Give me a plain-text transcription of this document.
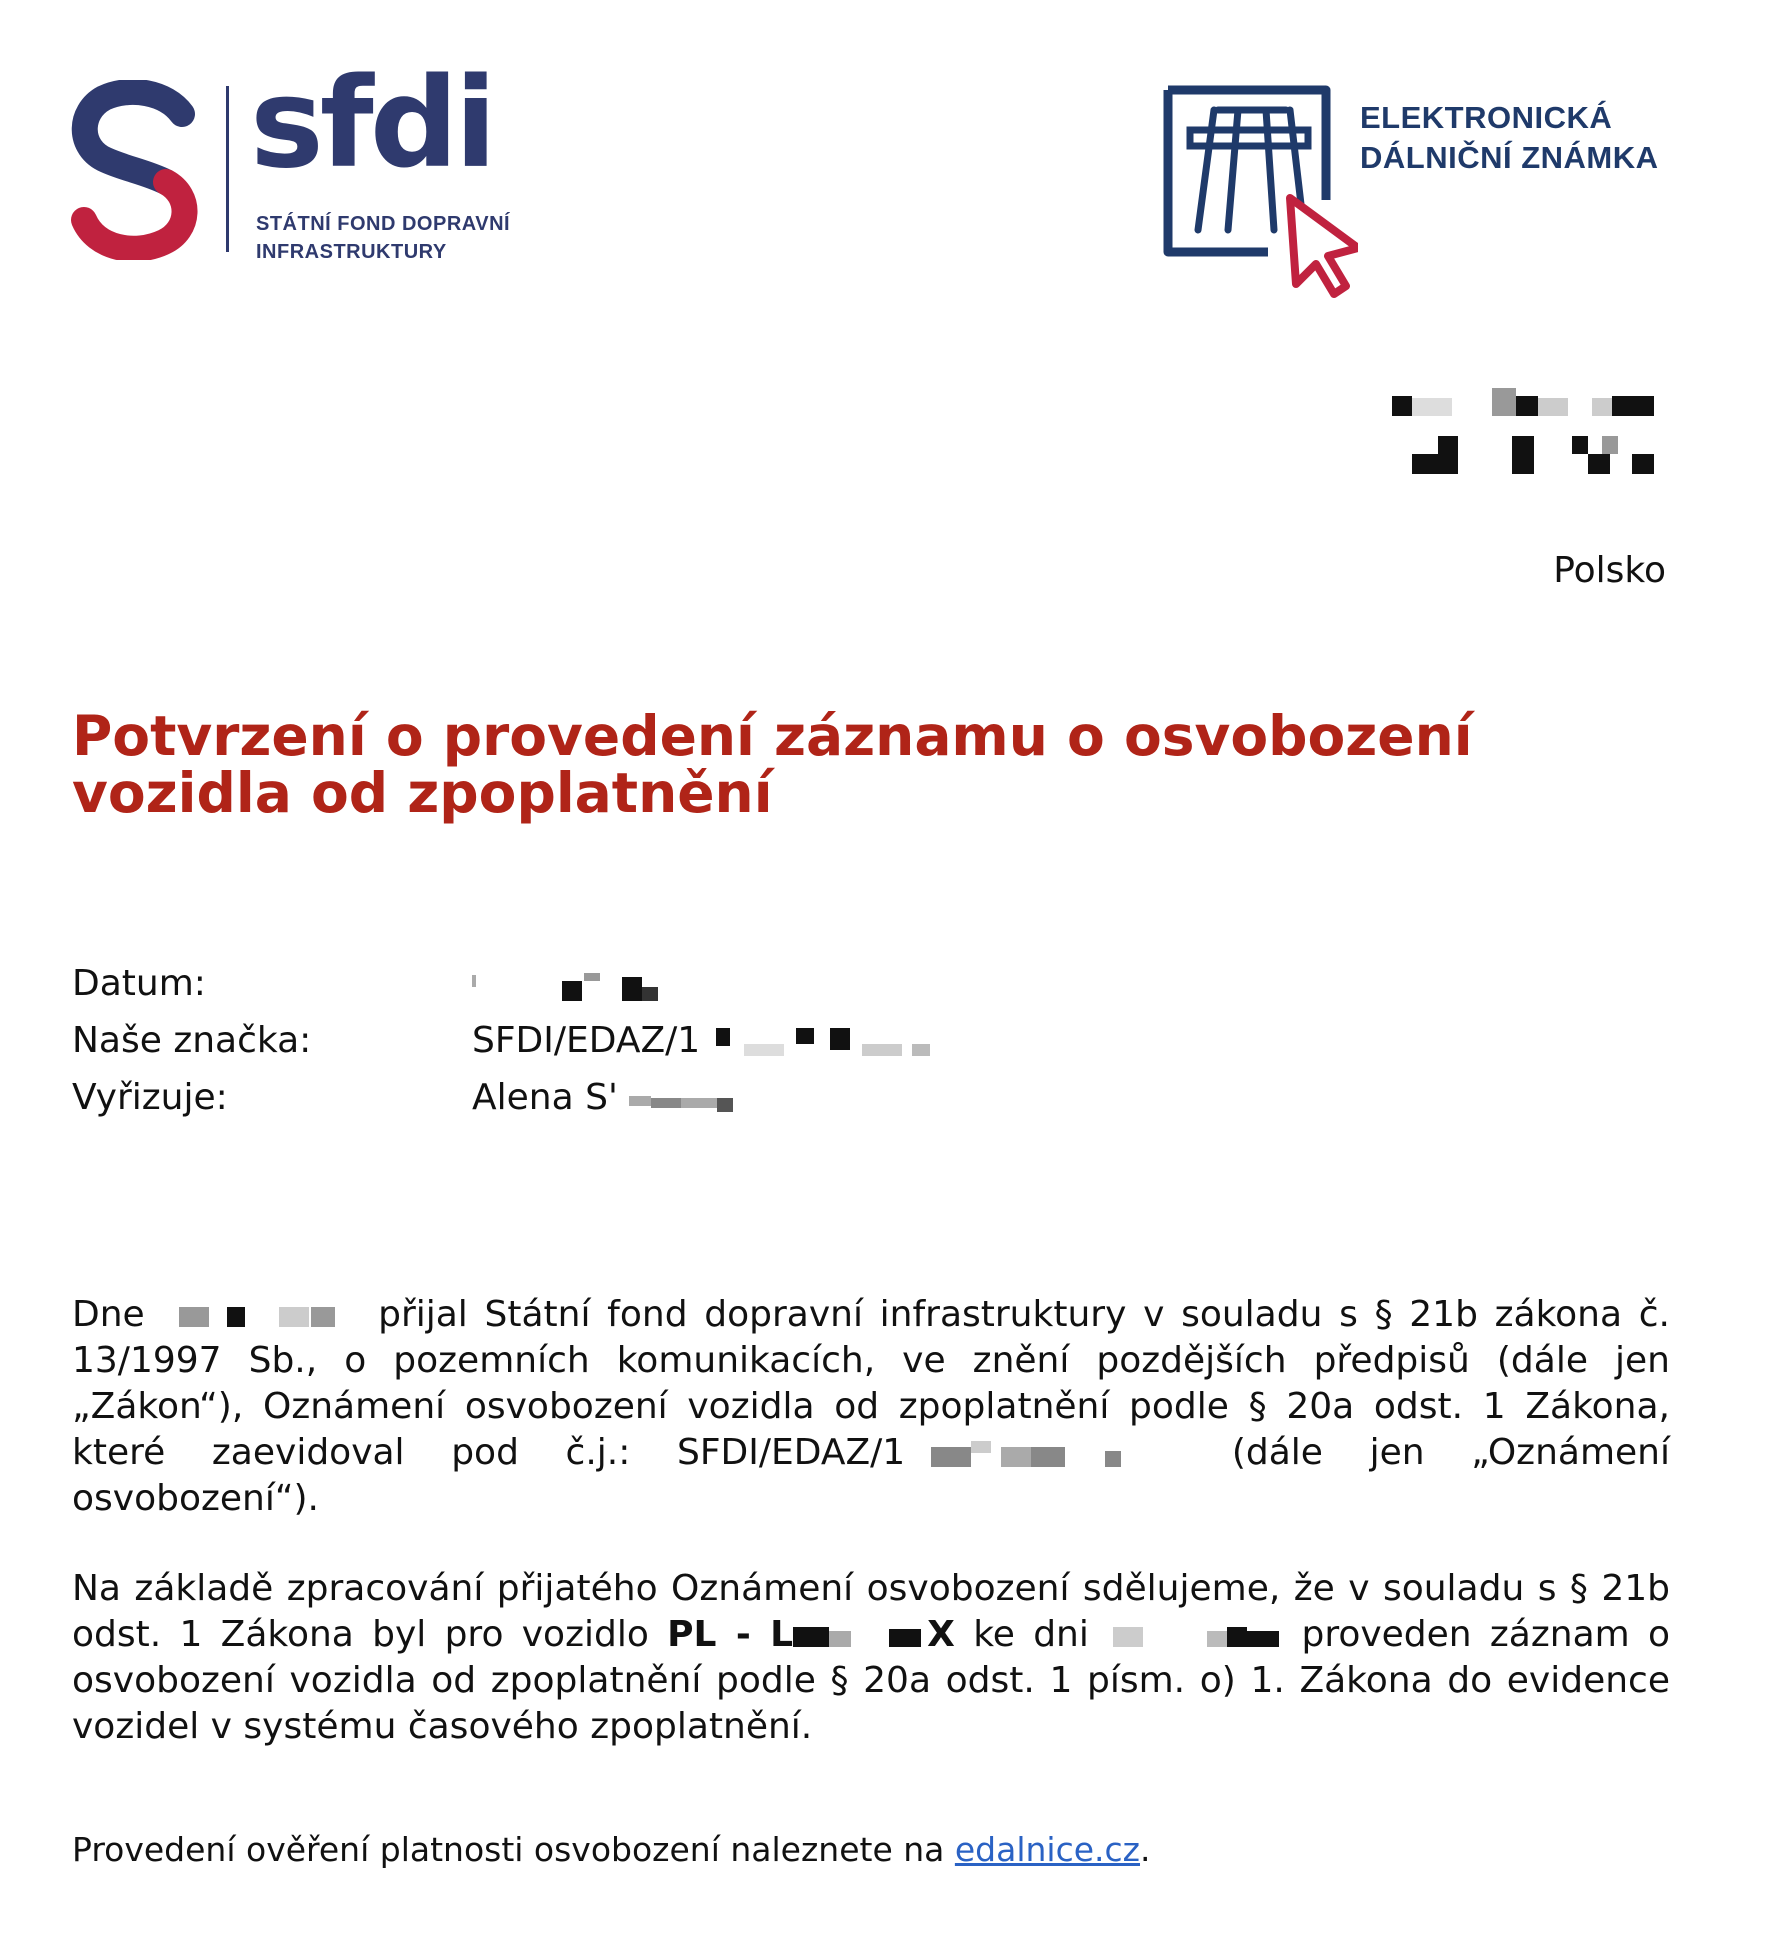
sfdi
STÁTNÍ FOND DOPRAVNÍ
INFRASTRUKTURY
ELEKTRONICKÁ
DÁLNIČNÍ ZNÁMKA
Polsko
Potvrzení o provedení záznamu o osvobození vozidla od zpoplatnění
Datum:
Naše značka:	SFDI/EDAZ/1
Vyřizuje:	Alena S'
Dne	přijal Státní fond dopravní infrastruktury v souladu s § 21b zákona č. 13/1997 Sb., o pozemních komunikacích, ve znění pozdějších předpisů (dále jen „Zákon“), Oznámení osvobození vozidla od zpoplatnění podle § 20a odst. 1 Zákona, které zaevidoval pod č.j.: SFDI/EDAZ/1	(dále jen „Oznámení osvobození“).
Na základě zpracování přijatého Oznámení osvobození sdělujeme, že v souladu s § 21b odst. 1 Zákona byl pro vozidlo PL - L	X ke dni	proveden záznam o osvobození vozidla od zpoplatnění podle § 20a odst. 1 písm. o) 1. Zákona do evidence vozidel v systému časového zpoplatnění.
Provedení ověření platnosti osvobození naleznete na edalnice.cz.
